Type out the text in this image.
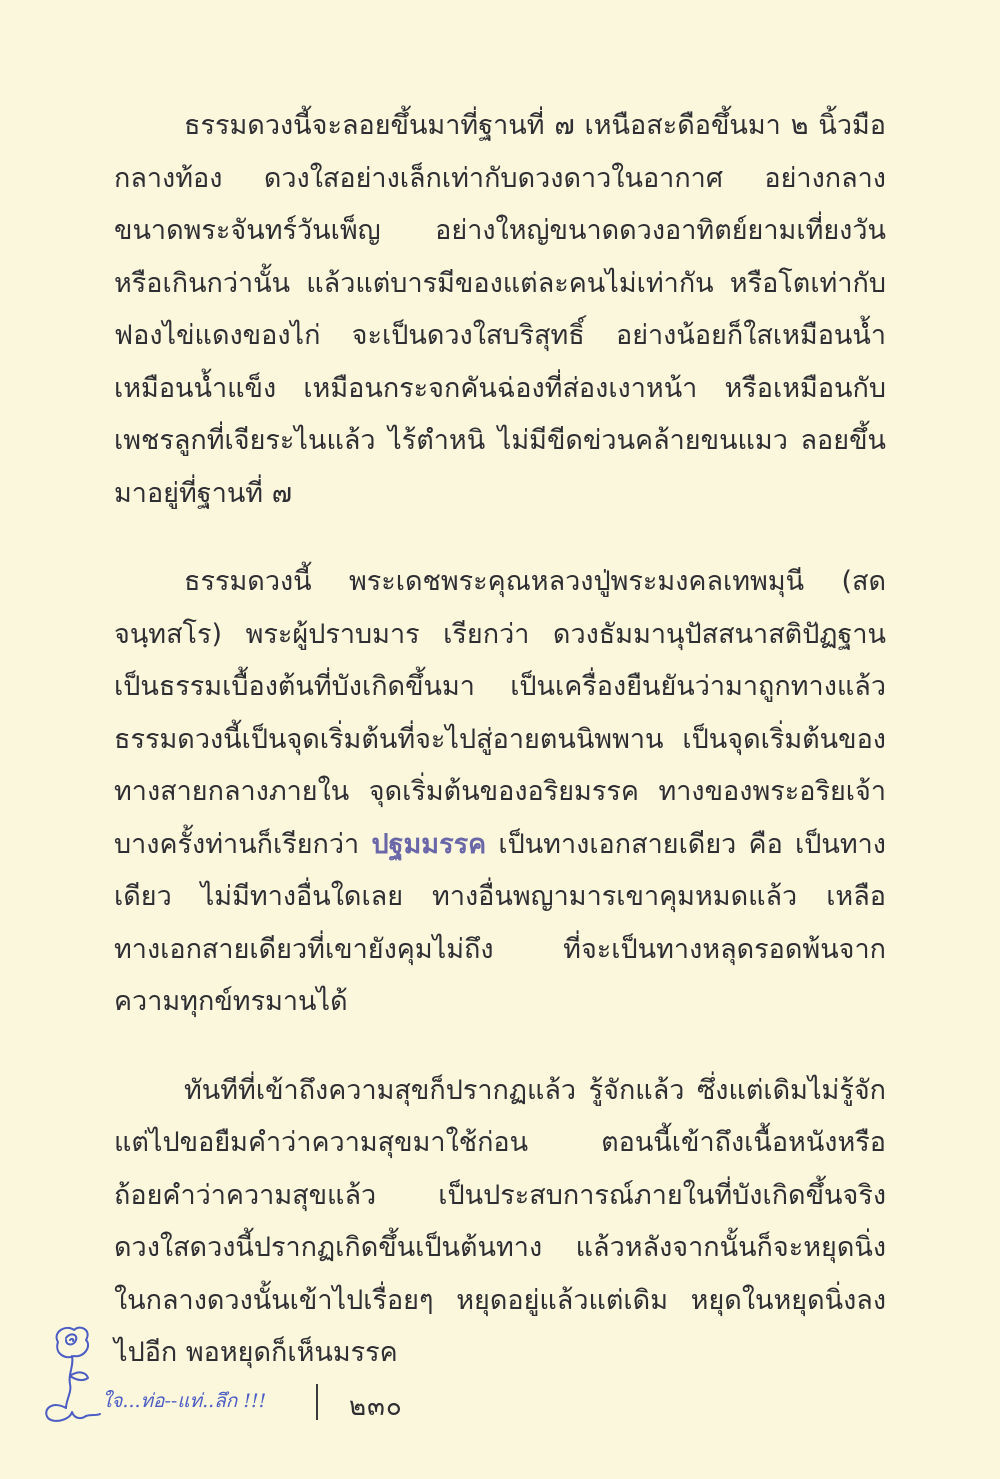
ธรรมดวงนี้จะลอยขึ้นมาที่ฐานที่ ๗ เหนือสะดือขึ้นมา ๒ นิ้วมือ กลางท้อง ดวงใสอย่างเล็กเท่ากับดวงดาวในอากาศ อย่างกลางขนาดพระจันทร์วันเพ็ญ อย่างใหญ่ขนาดดวงอาทิตย์ยามเที่ยงวันหรือเกินกว่านั้น แล้วแต่บารมีของแต่ละคนไม่เท่ากัน หรือโตเท่ากับฟองไข่แดงของไก่ จะเป็นดวงใสบริสุทธิ์ อย่างน้อยก็ใสเหมือนน้ำ เหมือนน้ำแข็ง เหมือนกระจกคันฉ่องที่ส่องเงาหน้า หรือเหมือนกับเพชรลูกที่เจียระไนแล้ว ไร้ตำหนิ ไม่มีขีดข่วนคล้ายขนแมว ลอยขึ้นมาอยู่ที่ฐานที่ ๗

ธรรมดวงนี้ พระเดชพระคุณหลวงปู่พระมงคลเทพมุนี (สด จนฺทสโร) พระผู้ปราบมาร เรียกว่า ดวงธัมมานุปัสสนาสติปัฏฐาน เป็นธรรมเบื้องต้นที่บังเกิดขึ้นมา เป็นเครื่องยืนยันว่ามาถูกทางแล้ว ธรรมดวงนี้เป็นจุดเริ่มต้นที่จะไปสู่อายตนนิพพาน เป็นจุดเริ่มต้นของทางสายกลางภายใน จุดเริ่มต้นของอริยมรรค ทางของพระอริยเจ้า บางครั้งท่านก็เรียกว่า ปฐมมรรค เป็นทางเอกสายเดียว คือ เป็นทางเดียว ไม่มีทางอื่นใดเลย ทางอื่นพญามารเขาคุมหมดแล้ว เหลือทางเอกสายเดียวที่เขายังคุมไม่ถึง ที่จะเป็นทางหลุดรอดพ้นจากความทุกข์ทรมานได้

ทันทีที่เข้าถึงความสุขก็ปรากฏแล้ว รู้จักแล้ว ซึ่งแต่เดิมไม่รู้จัก แต่ไปขอยืมคำว่าความสุขมาใช้ก่อน ตอนนี้เข้าถึงเนื้อหนังหรือถ้อยคำว่าความสุขแล้ว เป็นประสบการณ์ภายในที่บังเกิดขึ้นจริง ดวงใสดวงนี้ปรากฏเกิดขึ้นเป็นต้นทาง แล้วหลังจากนั้นก็จะหยุดนิ่งในกลางดวงนั้นเข้าไปเรื่อยๆ หยุดอยู่แล้วแต่เดิม หยุดในหยุดนิ่งลงไปอีก พอหยุดก็เห็นมรรค

ใจ...ท่อ--แท่..ลึก !!!	๒๓๐
